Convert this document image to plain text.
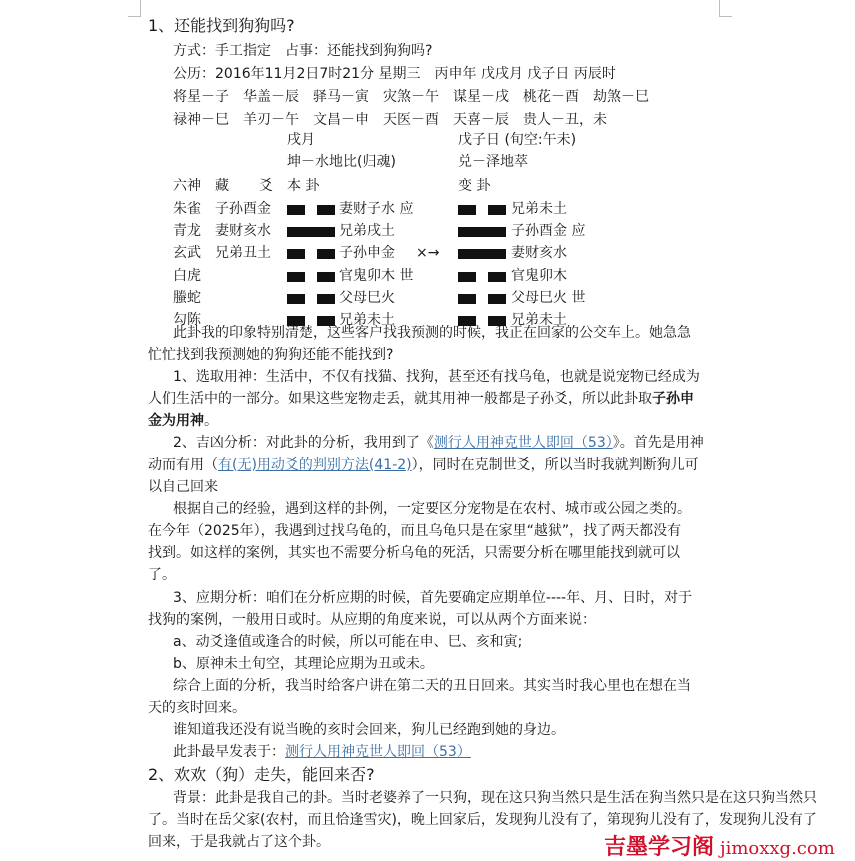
1、还能找到狗狗吗?
方式：手工指定　占事：还能找到狗狗吗?
公历：2016年11月2日7时21分 星期三　丙申年 戊戌月 戊子日 丙辰时
将星－子　华盖－辰　驿马－寅　灾煞－午　谋星－戌　桃花－酉　劫煞－巳
禄神－巳　羊刃－午　文昌－申　天医－酉　天喜－辰　贵人－丑，未
戌月	戊子日 (旬空:午未)
坤－水地比(归魂)	兑－泽地萃
六神 藏 爻 本 卦	变 卦
朱雀 子孙酉金	妻财子水 应	兄弟未土
青龙 妻财亥水	兄弟戌土	子孙酉金 应
玄武 兄弟丑土	子孙申金 ×→	妻财亥水
白虎	官鬼卯木 世	官鬼卯木
螣蛇	父母巳火	父母巳火 世
勾陈	兄弟未土	兄弟未土
此卦我的印象特别清楚，这些客户找我预测的时候，我正在回家的公交车上。她急急
忙忙找到我预测她的狗狗还能不能找到?
1、选取用神：生活中，不仅有找猫、找狗，甚至还有找乌龟，也就是说宠物已经成为
人们生活中的一部分。如果这些宠物走丢，就其用神一般都是子孙爻，所以此卦取子孙申
金为用神。
2、吉凶分析：对此卦的分析，我用到了《测行人用神克世人即回（53）》。首先是用神
动而有用（有(无)用动爻的判别方法(41-2)），同时在克制世爻，所以当时我就判断狗儿可
以自己回来
根据自己的经验，遇到这样的卦例，一定要区分宠物是在农村、城市或公园之类的。
在今年（2025年），我遇到过找乌龟的，而且乌龟只是在家里“越狱”，找了两天都没有
找到。如这样的案例，其实也不需要分析乌龟的死活，只需要分析在哪里能找到就可以
了。
3、应期分析：咱们在分析应期的时候，首先要确定应期单位----年、月、日时，对于
找狗的案例，一般用日或时。从应期的角度来说，可以从两个方面来说：
a、动爻逢值或逢合的时候，所以可能在申、巳、亥和寅;
b、原神未土旬空，其理论应期为丑或未。
综合上面的分析，我当时给客户讲在第二天的丑日回来。其实当时我心里也在想在当
天的亥时回来。
谁知道我还没有说当晚的亥时会回来，狗儿已经跑到她的身边。
此卦最早发表于：测行人用神克世人即回（53）
2、欢欢（狗）走失，能回来否?
背景：此卦是我自己的卦。当时老婆养了一只狗，现在这只狗当然只是生活在狗当然只是在这只狗当然只
了。当时在岳父家(农村，而且恰逢雪灾)，晚上回家后，发现狗儿没有了，第现狗儿没有了，发现狗儿没有了
回来，于是我就占了这个卦。	吉墨学习阁 jimoxxg.com
